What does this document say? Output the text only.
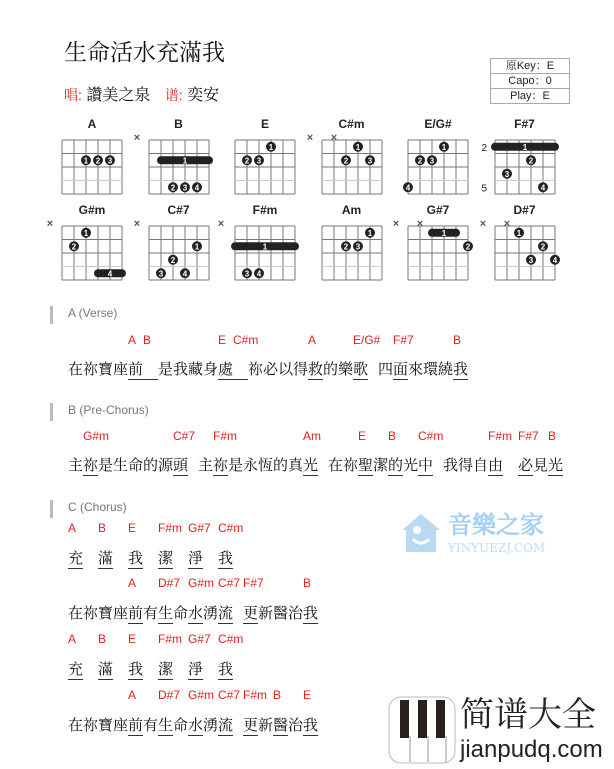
生命活水充滿我
唱: 讚美之泉 谱: 奕安
原Key：E
Capo：0
Play：E
A
1 2 3
B
×
1
2 3 4
E
1
2 3
C#m
× ×
1
2 3
E/G#
1
2 3
4
F#7
2
5
1
2
3
4
G#m
×
4
1
2
C#7
×	×
1
2
3 4
F#m
1
3 4
Am
1
2 3
G#7
× ×
1
2
D#7
× ×
1
2
3 4
A (Verse)
A B	E C#m	A	E/G# F#7	B
在祢寶座前　 是我藏身處　 祢必以得救的樂歌 四面來環繞我
B (Pre-Chorus)
G#m	C#7 F#m	Am	E B C#m	F#m F#7 B
主祢是生命的源頭 主祢是永恆的真光 在祢聖潔的光中 我得自由　 必見光
C (Chorus)
A B E F#m G#7 C#m
充　 滿　 我　 潔　 淨　 我
A D#7 G#m C#7 F#7	B
在祢寶座前有生命水湧流 更新醫治我
A B E F#m G#7 C#m
充　 滿　 我　 潔　 淨　 我
A D#7 G#m C#7 F#m B E
在祢寶座前有生命水湧流 更新醫治我
音樂之家
YINYUEZJ.COM
简谱大全
jianpudq.com
